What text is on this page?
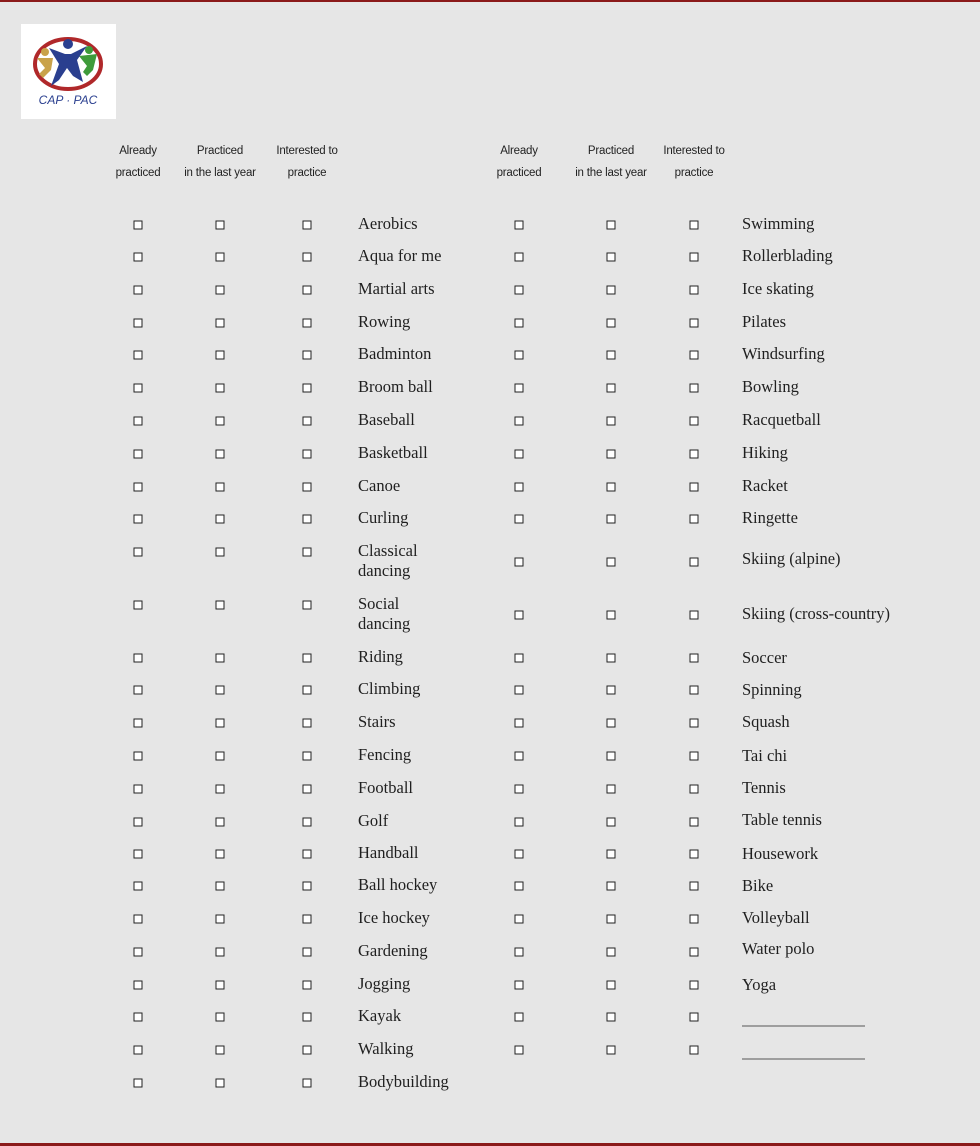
CAP · PAC
Already
practiced
Practiced
in the last year
Interested to
practice
Already
practiced
Practiced
in the last year
Interested to
practice
Aerobics
Aqua for me
Martial arts
Rowing
Badminton
Broom ball
Baseball
Basketball
Canoe
Curling
Classical dancing
Social dancing
Riding
Climbing
Stairs
Fencing
Football
Golf
Handball
Ball hockey
Ice hockey
Gardening
Jogging
Kayak
Walking
Bodybuilding
Swimming
Rollerblading
Ice skating
Pilates
Windsurfing
Bowling
Racquetball
Hiking
Racket
Ringette
Skiing (alpine)
Skiing (cross-country)
Soccer
Spinning
Squash
Tai chi
Tennis
Table tennis
Housework
Bike
Volleyball
Water polo
Yoga
